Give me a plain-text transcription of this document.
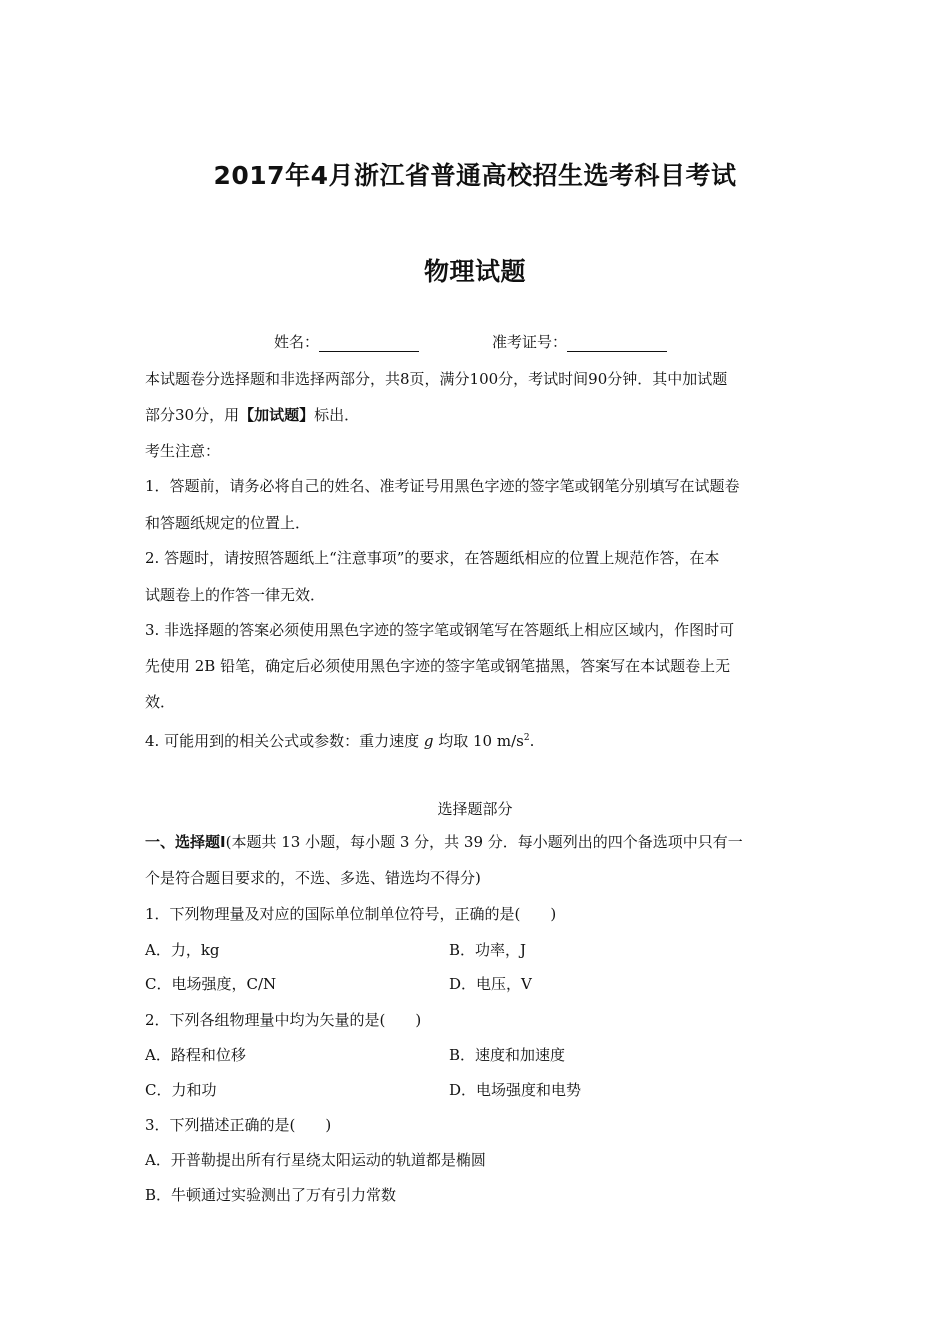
2017年4月浙江省普通高校招生选考科目考试
物理试题
姓名：	准考证号：
本试题卷分选择题和非选择两部分，共8页，满分100分，考试时间90分钟．其中加试题
部分30分，用【加试题】标出．
考生注意：
1．答题前，请务必将自己的姓名、准考证号用黑色字迹的签字笔或钢笔分别填写在试题卷
和答题纸规定的位置上．
2. 答题时，请按照答题纸上“注意事项”的要求，在答题纸相应的位置上规范作答，在本
试题卷上的作答一律无效．
3. 非选择题的答案必须使用黑色字迹的签字笔或钢笔写在答题纸上相应区域内，作图时可
先使用 2B 铅笔，确定后必须使用黑色字迹的签字笔或钢笔描黑，答案写在本试题卷上无
效．
4. 可能用到的相关公式或参数：重力速度 g 均取 10 $m/s^2$.
选择题部分
一、选择题Ⅰ(本题共 13 小题，每小题 3 分，共 39 分．每小题列出的四个备选项中只有一
个是符合题目要求的，不选、多选、错选均不得分)
1．下列物理量及对应的国际单位制单位符号，正确的是(　　)
A．力，kg	B．功率，J
C．电场强度，C/N	D．电压，V
2．下列各组物理量中均为矢量的是(　　)
A．路程和位移	B．速度和加速度
C．力和功	D．电场强度和电势
3．下列描述正确的是(　　)
A．开普勒提出所有行星绕太阳运动的轨道都是椭圆
B．牛顿通过实验测出了万有引力常数
